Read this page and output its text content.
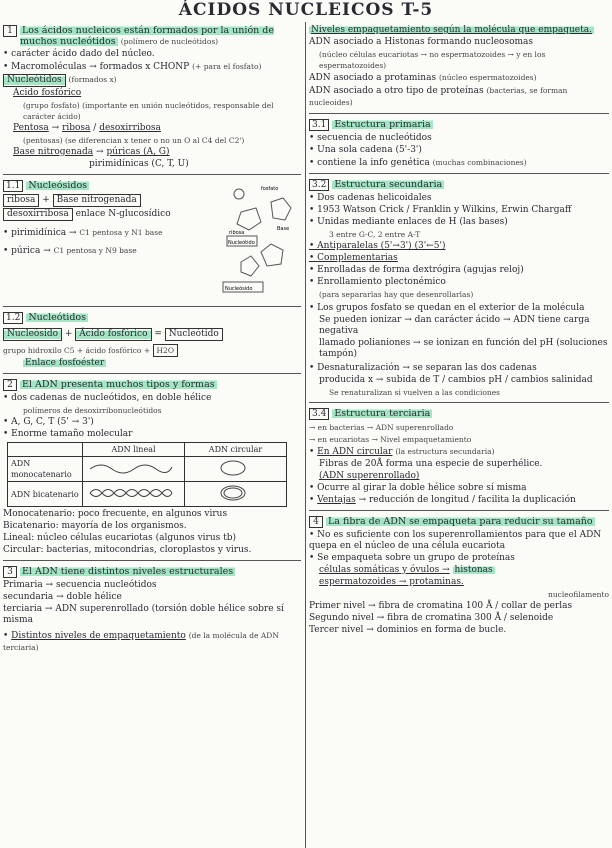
ÁCIDOS NUCLEICOS T-5
1 Los ácidos nucleicos están formados por la unión de muchos nucleótidos (polímero de nucleótidos)
• carácter ácido dado del núcleo.
• Macromoléculas → formados x CHONP (+ para el fosfato)
Nucleótidos (formados x)
Ácido fosfórico
(grupo fosfato) (importante en unión nucleótidos, responsable del carácter ácido)
Pentosa → ribosa / desoxirribosa
(pentosas) (se diferencian x tener o no un O al C4 del C2')
Base nitrogenada → púricas (A, G)
pirimidínicas (C, T, U)
1.1 Nucleósidos
ribosa + Base nitrogenada
desoxirribosa enlace N-glucosídico
• pirimidínica → C1 pentosa y N1 base
• púrica → C1 pentosa y N9 base
fosfato
Base
ribosa
Nucleótido
Nucleósido
1.2 Nucleótidos
Nucleósido + Ácido fosfórico = Nucleótido
grupo hidroxilo C5 + ácido fosfórico + H2O
Enlace fosfoéster
2 El ADN presenta muchos tipos y formas
• dos cadenas de nucleótidos, en doble hélice
polímeros de desoxirribonucleótidos
• A, G, C, T (5' → 3')
• Enorme tamaño molecular
	ADN lineal	ADN circular
ADN monocatenario		
ADN bicatenario		
Monocatenario: poco frecuente, en algunos virus
Bicatenario: mayoría de los organismos.
Lineal: núcleo células eucariotas (algunos virus tb)
Circular: bacterias, mitocondrias, cloroplastos y virus.
3 El ADN tiene distintos niveles estructurales
Primaria → secuencia nucleótidos
secundaria → doble hélice
terciaria → ADN superenrollado (torsión doble hélice sobre sí misma
• Distintos niveles de empaquetamiento (de la molécula de ADN terciaria)
Niveles empaquetamiento según la molécula que empaqueta.
ADN asociado a Histonas formando nucleosomas
(núcleo células eucariotas → no espermatozoides → y en los espermatozoides)
ADN asociado a protaminas (núcleo espermatozoides)
ADN asociado a otro tipo de proteínas (bacterias, se forman nucleoides)
3.1 Estructura primaria
• secuencia de nucleótidos
• Una sola cadena (5'-3')
• contiene la info genética (muchas combinaciones)
3.2 Estructura secundaria
• Dos cadenas helicoidales
• 1953 Watson Crick / Franklin y Wilkins, Erwin Chargaff
• Unidas mediante enlaces de H (las bases)
3 entre G-C, 2 entre A-T
• Antiparalelas (5'→3') (3'←5')
• Complementarias
• Enrolladas de forma dextrógira (agujas reloj)
• Enrollamiento plectonémico
(para separarlas hay que desenrollarlas)
• Los grupos fosfato se quedan en el exterior de la molécula
Se pueden ionizar → dan carácter ácido → ADN tiene carga negativa
llamado polianiones → se ionizan en función del pH (soluciones tampón)
• Desnaturalización → se separan las dos cadenas
producida x → subida de T / cambios pH / cambios salinidad
Se renaturalizan si vuelven a las condiciones
3.4 Estructura terciaria
→ en bacterias → ADN superenrollado
→ en eucariotas → Nivel empaquetamiento
• En ADN circular (la estructura secundaria)
Fibras de 20Å forma una especie de superhélice.
(ADN superenrollado)
• Ocurre al girar la doble hélice sobre sí misma
• Ventajas → reducción de longitud / facilita la duplicación
4 La fibra de ADN se empaqueta para reducir su tamaño
• No es suficiente con los superenrollamientos para que el ADN quepa en el núcleo de una célula eucariota
• Se empaqueta sobre un grupo de proteínas
células somáticas y óvulos → histonas
espermatozoides → protaminas.
nucleofilamento
Primer nivel → fibra de cromatina 100 Å / collar de perlas
Segundo nivel → fibra de cromatina 300 Å / selenoide
Tercer nivel → dominios en forma de bucle.
